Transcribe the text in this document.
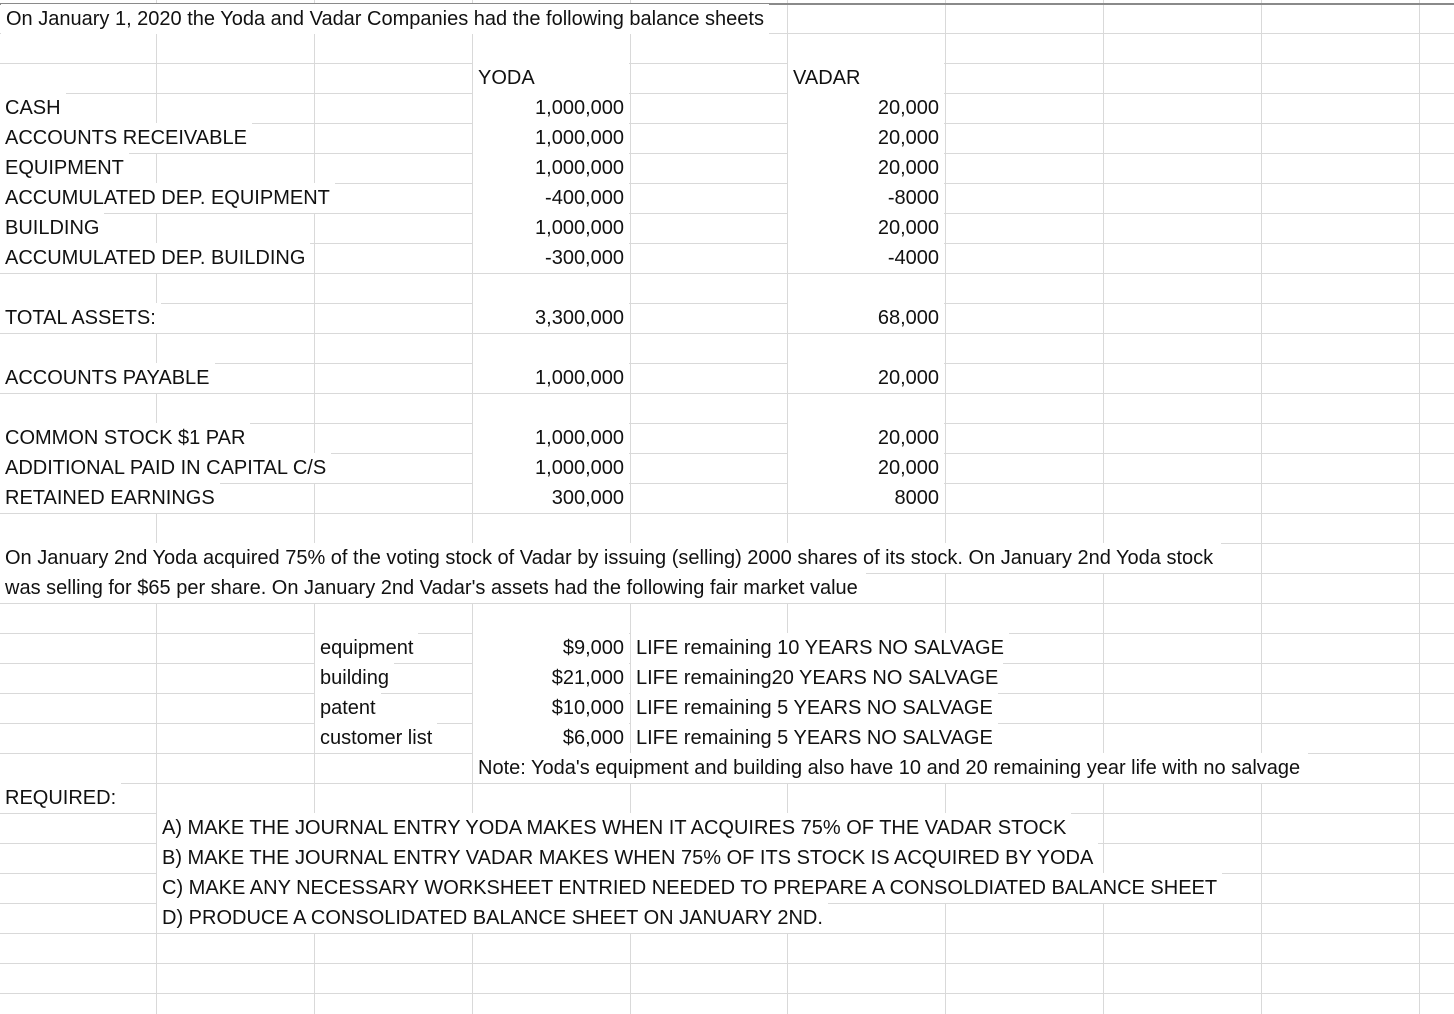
On January 1, 2020 the Yoda and Vadar Companies had the following balance sheets
YODA	VADAR
CASH	1,000,000	20,000
ACCOUNTS RECEIVABLE	1,000,000	20,000
EQUIPMENT	1,000,000	20,000
ACCUMULATED DEP. EQUIPMENT	-400,000	-8000
BUILDING	1,000,000	20,000
ACCUMULATED DEP. BUILDING	-300,000	-4000
TOTAL ASSETS:	3,300,000	68,000
ACCOUNTS PAYABLE	1,000,000	20,000
COMMON STOCK $1 PAR	1,000,000	20,000
ADDITIONAL PAID IN CAPITAL C/S	1,000,000	20,000
RETAINED EARNINGS	300,000	8000
On January 2nd Yoda acquired 75% of the voting stock of Vadar by issuing (selling) 2000 shares of its stock. On January 2nd Yoda stock
was selling for $65 per share. On January 2nd Vadar's assets had the following fair market value
equipment	$9,000 LIFE remaining 10 YEARS NO SALVAGE
building	$21,000 LIFE remaining20 YEARS NO SALVAGE
patent	$10,000 LIFE remaining 5 YEARS NO SALVAGE
customer list	$6,000 LIFE remaining 5 YEARS NO SALVAGE
Note: Yoda's equipment and building also have 10 and 20 remaining year life with no salvage
REQUIRED:
A) MAKE THE JOURNAL ENTRY YODA MAKES WHEN IT ACQUIRES 75% OF THE VADAR STOCK
B) MAKE THE JOURNAL ENTRY VADAR MAKES WHEN 75% OF ITS STOCK IS ACQUIRED BY YODA
C) MAKE ANY NECESSARY WORKSHEET ENTRIED NEEDED TO PREPARE A CONSOLDIATED BALANCE SHEET
D) PRODUCE A CONSOLIDATED BALANCE SHEET ON JANUARY 2ND.
